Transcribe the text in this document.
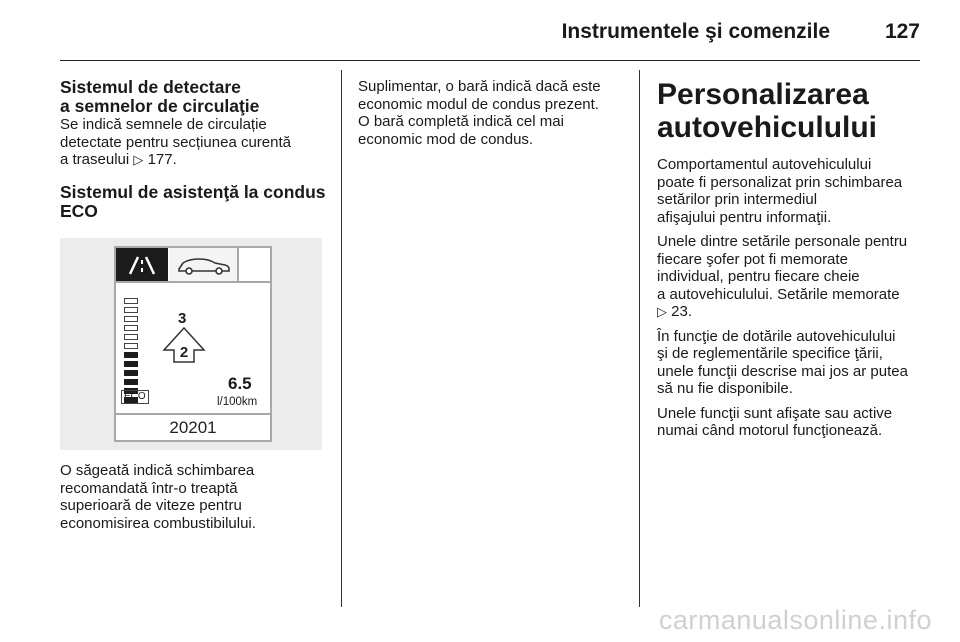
Instrumentele şi comenzile	127
Sistemul de detectare
a semnelor de circulaţie

Se indică semnele de circulație
detectate pentru secțiunea curentă
a traseului ▷ 177.

Sistemul de asistenţă la condus
ECO
ECO
3
2
6.5
l/100km
20201

O săgeată indică schimbarea
recomandată într-o treaptă
superioară de viteze pentru
economisirea combustibilului.

Suplimentar, o bară indică dacă este
economic modul de condus prezent.
O bară completă indică cel mai
economic mod de condus.

Personalizarea
autovehiculului

Comportamentul autovehiculului
poate fi personalizat prin schimbarea
setărilor prin intermediul
afişajului pentru informaţii.

Unele dintre setările personale pentru
fiecare şofer pot fi memorate
individual, pentru fiecare cheie
a autovehiculului. Setările memorate
▷ 23.

În funcţie de dotările autovehiculului
şi de reglementările specifice ţării,
unele funcţii descrise mai jos ar putea
să nu fie disponibile.

Unele funcţii sunt afişate sau active
numai când motorul funcţionează.

carmanualsonline.info
